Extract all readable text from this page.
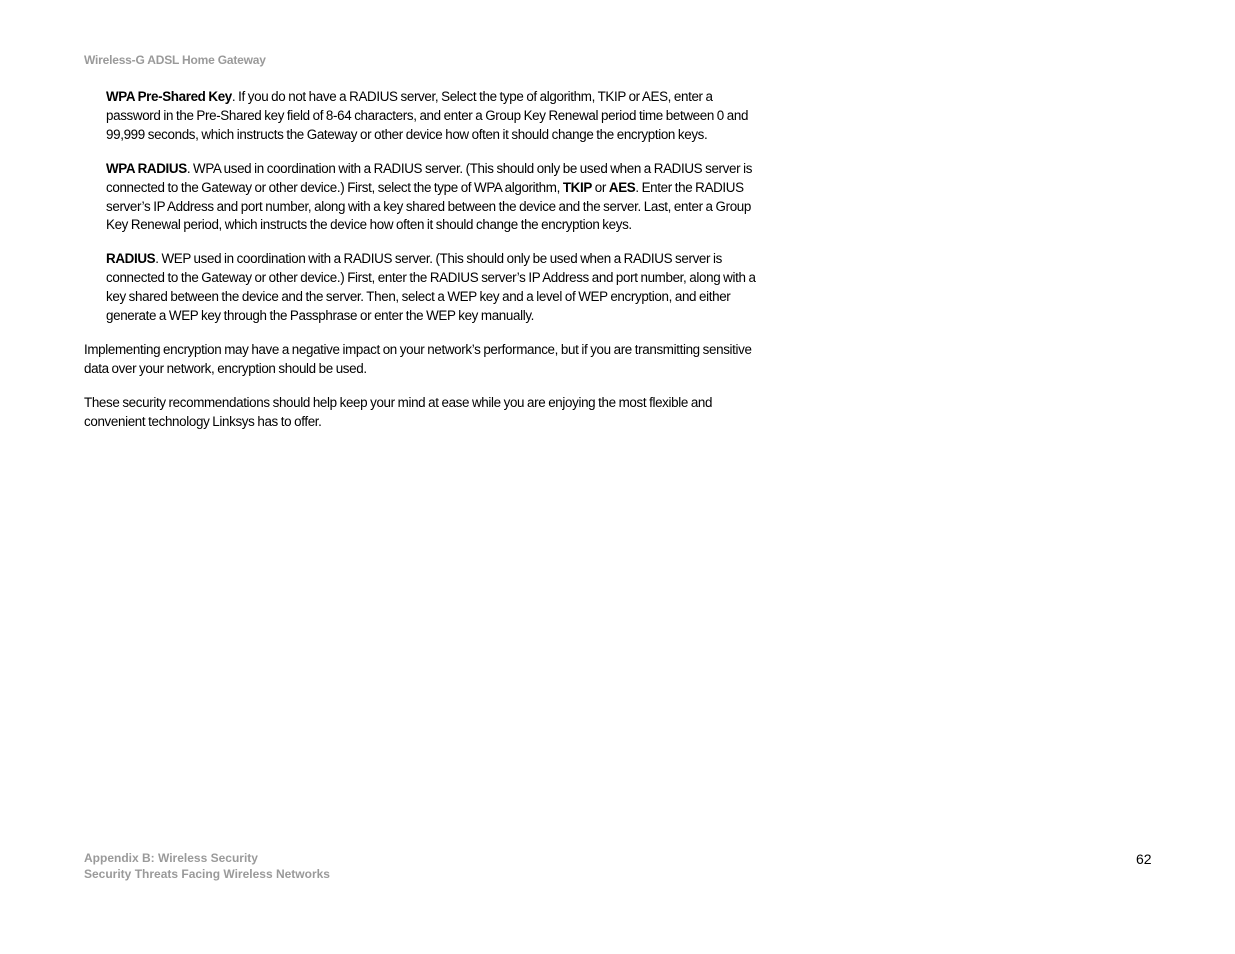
Wireless-G ADSL Home Gateway

WPA Pre-Shared Key. If you do not have a RADIUS server, Select the type of algorithm, TKIP or AES, enter a password in the Pre-Shared key field of 8-64 characters, and enter a Group Key Renewal period time between 0 and 99,999 seconds, which instructs the Gateway or other device how often it should change the encryption keys.

WPA RADIUS. WPA used in coordination with a RADIUS server. (This should only be used when a RADIUS server is connected to the Gateway or other device.) First, select the type of WPA algorithm, TKIP or AES. Enter the RADIUS server’s IP Address and port number, along with a key shared between the device and the server. Last, enter a Group Key Renewal period, which instructs the device how often it should change the encryption keys.

RADIUS. WEP used in coordination with a RADIUS server. (This should only be used when a RADIUS server is connected to the Gateway or other device.) First, enter the RADIUS server’s IP Address and port number, along with a key shared between the device and the server. Then, select a WEP key and a level of WEP encryption, and either generate a WEP key through the Passphrase or enter the WEP key manually.

Implementing encryption may have a negative impact on your network’s performance, but if you are transmitting sensitive data over your network, encryption should be used.

These security recommendations should help keep your mind at ease while you are enjoying the most flexible and convenient technology Linksys has to offer.

Appendix B: Wireless Security
Security Threats Facing Wireless Networks
62
